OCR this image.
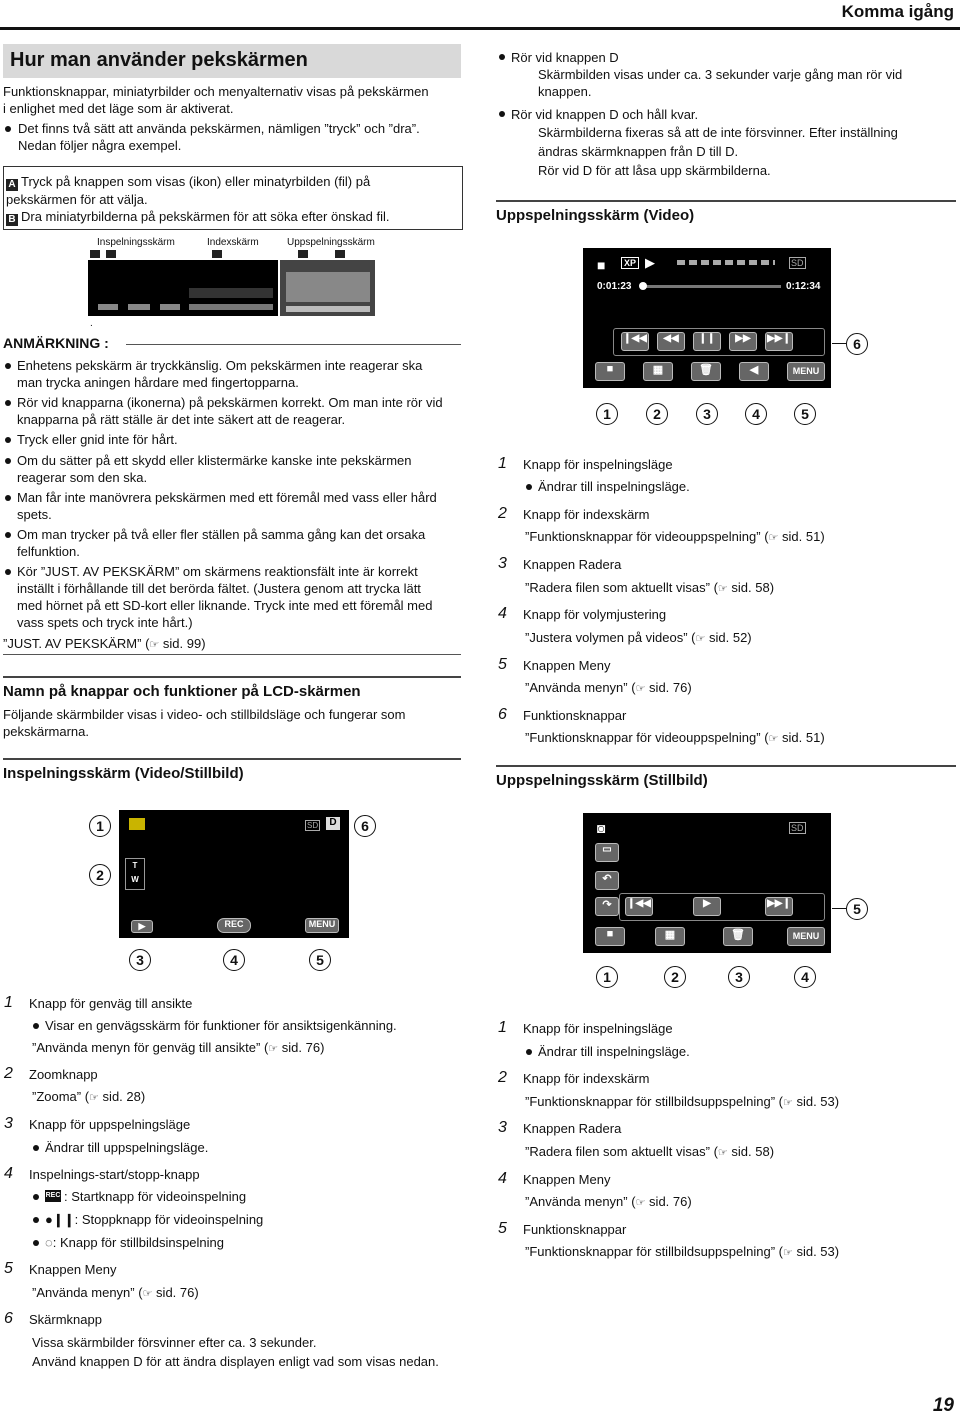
Komma igång
Hur man använder pekskärmen

Funktionsknappar, miniatyrbilder och menyalternativ visas på pekskärmen

i enlighet med det läge som är aktiverat.

Det finns två sätt att använda pekskärmen, nämligen ”tryck” och ”dra”.

Nedan följer några exempel.

A Tryck på knappen som visas (ikon) eller minatyrbilden (fil) på

pekskärmen för att välja.

B Dra miniatyrbilderna på pekskärmen för att söka efter önskad fil.

Inspelningsskärm	Indexskärm	Uppspelningsskärm
.
ANMÄRKNING :

Enhetens pekskärm är tryckkänslig. Om pekskärmen inte reagerar ska

man trycka aningen hårdare med fingertopparna.

Rör vid knapparna (ikonerna) på pekskärmen korrekt. Om man inte rör vid

knapparna på rätt ställe är det inte säkert att de reagerar.

Tryck eller gnid inte för hårt.

Om du sätter på ett skydd eller klistermärke kanske inte pekskärmen

reagerar som den ska.

Man får inte manövrera pekskärmen med ett föremål med vass eller hård

spets.

Om man trycker på två eller fler ställen på samma gång kan det orsaka

felfunktion.

Kör ”JUST. AV PEKSKÄRM” om skärmens reaktionsfält inte är korrekt

inställt i förhållande till det berörda fältet. (Justera genom att trycka lätt

med hörnet på ett SD-kort eller liknande. Tryck inte med ett föremål med

vass spets och tryck inte hårt.)

”JUST. AV PEKSKÄRM” (☞ sid. 99)
Namn på knappar och funktioner på LCD-skärmen

Följande skärmbilder visas i video- och stillbildsläge och fungerar som

pekskärmarna.

Inspelningsskärm (Video/Stillbild)
SD	D
T
W
▶	REC	MENU
1
2
3	4	5
6
1 Knapp för genväg till ansikte
Visar en genvägsskärm för funktioner för ansiktsigenkänning.
”Använda menyn för genväg till ansikte” (☞ sid. 76)
2 Zoomknapp
”Zooma” (☞ sid. 28)
3 Knapp för uppspelningsläge
Ändrar till uppspelningsläge.
4 Inspelnings-start/stopp-knapp
REC : Startknapp för videoinspelning
●❙❙: Stoppknapp för videoinspelning
◌: Knapp för stillbildsinspelning
5 Knappen Meny
”Använda menyn” (☞ sid. 76)
6 Skärmknapp
Vissa skärmbilder försvinner efter ca. 3 sekunder.
Använd knappen D för att ändra displayen enligt vad som visas nedan.
Rör vid knappen D

Skärmbilden visas under ca. 3 sekunder varje gång man rör vid

knappen.

Rör vid knappen D och håll kvar.

Skärmbilderna fixeras så att de inte försvinner. Efter inställning

ändras skärmknappen från D till D.

Rör vid D för att låsa upp skärmbilderna.

Uppspelningsskärm (Video)
■	XP ▶	SD
0:01:23	0:12:34
❙◀◀	◀◀	❙❙	▶▶	▶▶❙
■	▦	🗑	◀	MENU
6
1	2	3	4	5
1 Knapp för inspelningsläge
Ändrar till inspelningsläge.
2 Knapp för indexskärm
”Funktionsknappar för videouppspelning” (☞ sid. 51)
3 Knappen Radera
”Radera filen som aktuellt visas” (☞ sid. 58)
4 Knapp för volymjustering
”Justera volymen på videos” (☞ sid. 52)
5 Knappen Meny
”Använda menyn” (☞ sid. 76)
6 Funktionsknappar
”Funktionsknappar för videouppspelning” (☞ sid. 51)
Uppspelningsskärm (Stillbild)
◙	SD
▭
↶
↷	❙◀◀	▶	▶▶❙
■	▦	🗑	MENU
5
1	2	3	4
1 Knapp för inspelningsläge
Ändrar till inspelningsläge.
2 Knapp för indexskärm
”Funktionsknappar för stillbildsuppspelning” (☞ sid. 53)
3 Knappen Radera
”Radera filen som aktuellt visas” (☞ sid. 58)
4 Knappen Meny
”Använda menyn” (☞ sid. 76)
5 Funktionsknappar
”Funktionsknappar för stillbildsuppspelning” (☞ sid. 53)
19
